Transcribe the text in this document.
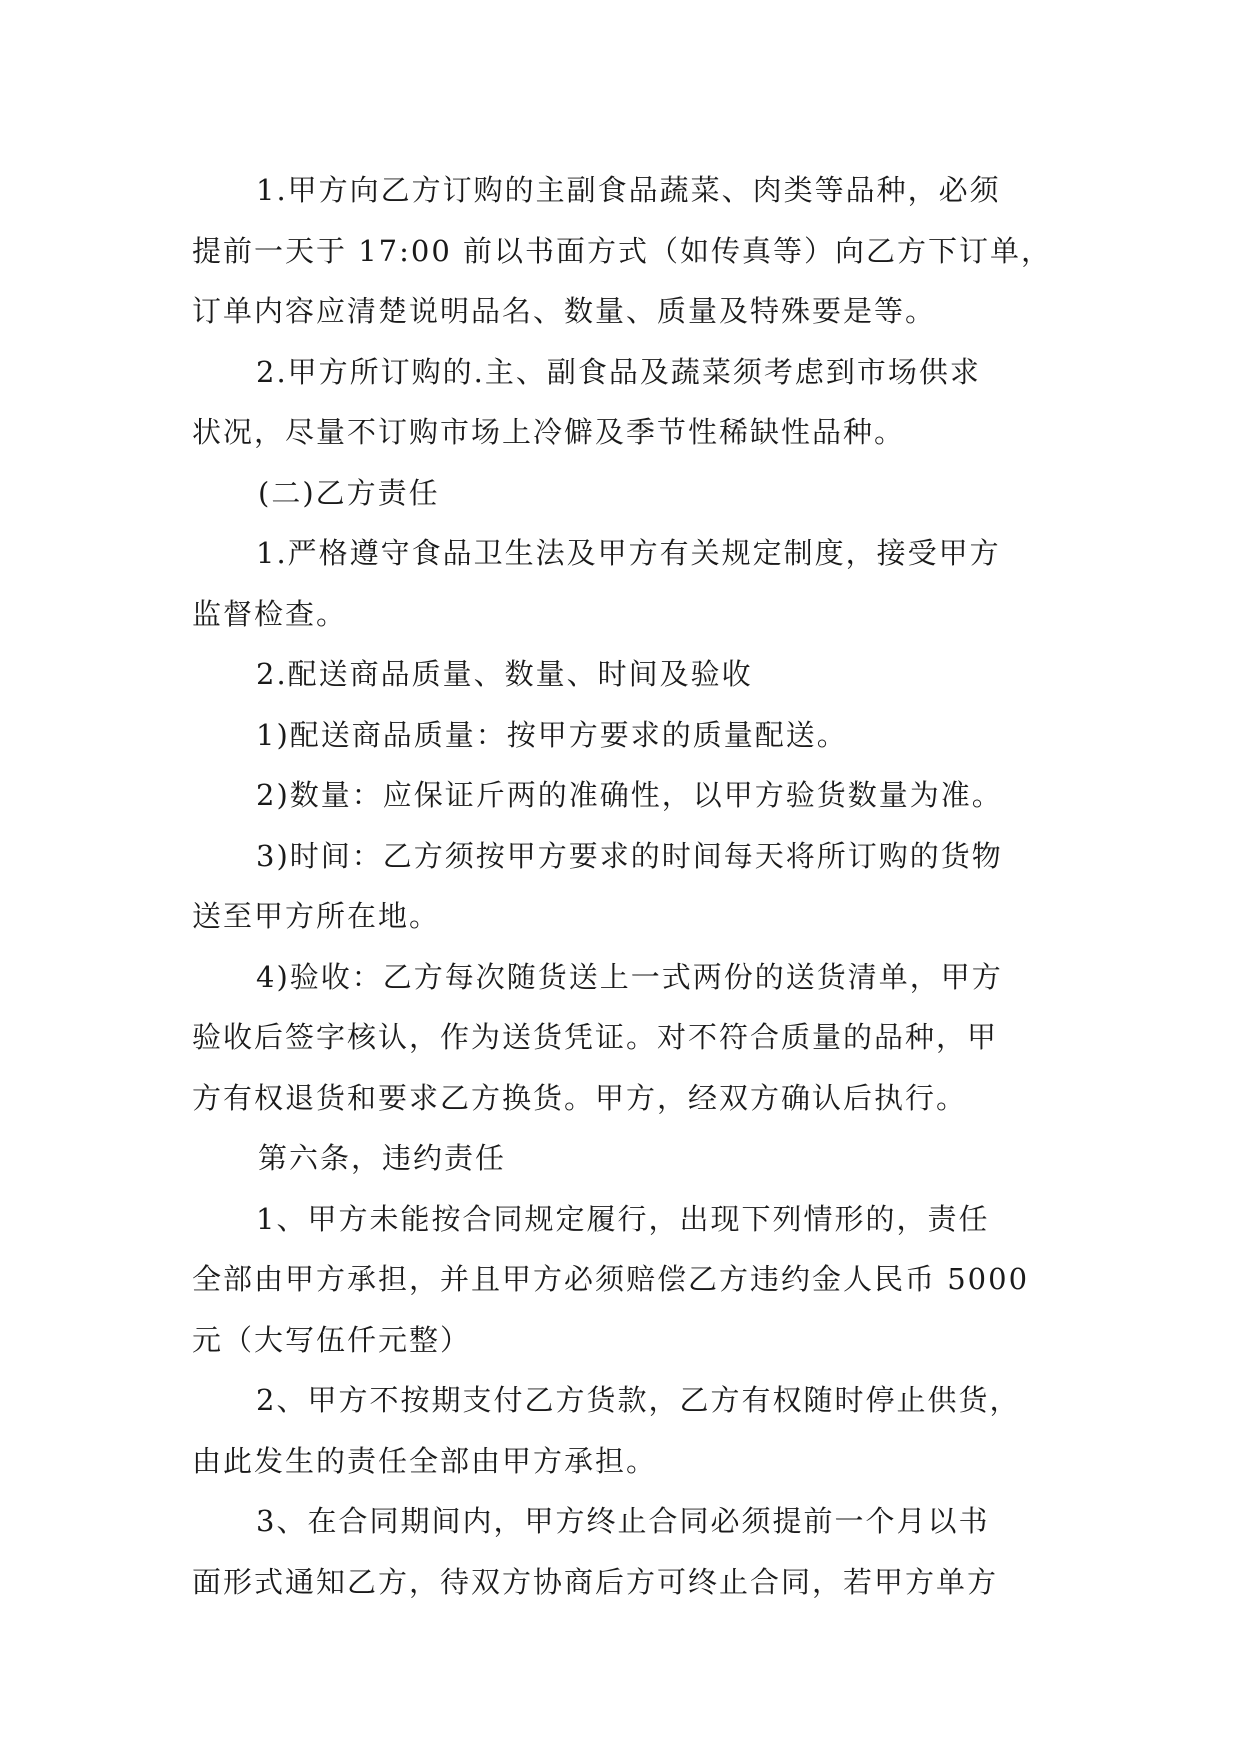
1.甲方向乙方订购的主副食品蔬菜、肉类等品种，必须
提前一天于 17:00 前以书面方式（如传真等）向乙方下订单，
订单内容应清楚说明品名、数量、质量及特殊要是等。
2.甲方所订购的.主、副食品及蔬菜须考虑到市场供求
状况，尽量不订购市场上冷僻及季节性稀缺性品种。
(二)乙方责任
1.严格遵守食品卫生法及甲方有关规定制度，接受甲方
监督检查。
2.配送商品质量、数量、时间及验收
1)配送商品质量：按甲方要求的质量配送。
2)数量：应保证斤两的准确性，以甲方验货数量为准。
3)时间：乙方须按甲方要求的时间每天将所订购的货物
送至甲方所在地。
4)验收：乙方每次随货送上一式两份的送货清单，甲方
验收后签字核认，作为送货凭证。对不符合质量的品种，甲
方有权退货和要求乙方换货。甲方，经双方确认后执行。
第六条，违约责任
1、甲方未能按合同规定履行，出现下列情形的，责任
全部由甲方承担，并且甲方必须赔偿乙方违约金人民币 5000
元（大写伍仟元整）
2、甲方不按期支付乙方货款，乙方有权随时停止供货，
由此发生的责任全部由甲方承担。
3、在合同期间内，甲方终止合同必须提前一个月以书
面形式通知乙方，待双方协商后方可终止合同，若甲方单方
